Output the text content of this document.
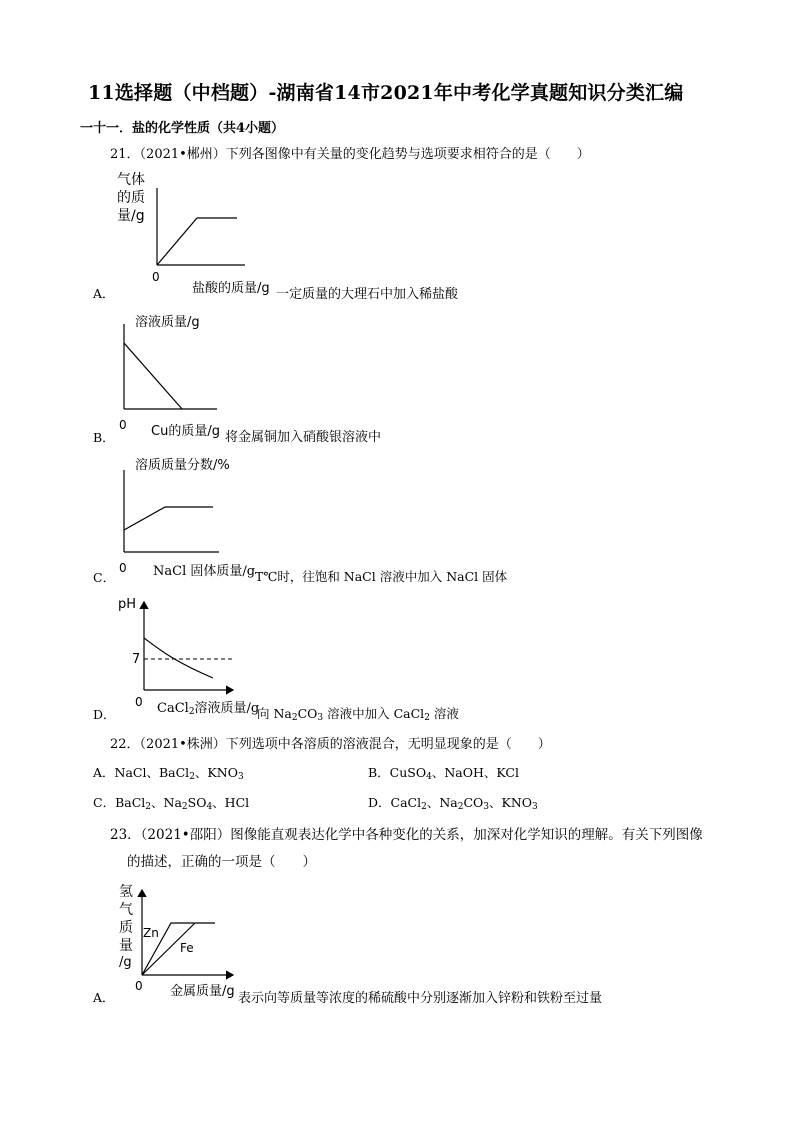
11选择题（中档题）-湖南省14市2021年中考化学真题知识分类汇编
一十一．盐的化学性质（共4小题）
21．（2021•郴州）下列各图像中有关量的变化趋势与选项要求相符合的是（　　）
气体
的质
量/g
0
A．	盐酸的质量/g 一定质量的大理石中加入稀盐酸
溶液质量/g
0
B．	Cu的质量/g 将金属铜加入硝酸银溶液中
溶质质量分数/%
0
C．	NaCl 固体质量/g T℃时，往饱和 NaCl 溶液中加入 NaCl 固体
pH
7
0
D．	CaCl$_2$溶液质量/g
向 $Na_2CO_3$ 溶液中加入 CaCl$_2$ 溶液
22．（2021•株洲）下列选项中各溶质的溶液混合，无明显现象的是（　　）
A．NaCl、BaCl$_2$、$KNO_3$	B．CuSO$_4$、NaOH、KCl
C．BaCl$_2$、$Na_2SO_4$、HCl	D．CaCl$_2$、$Na_2CO_3$、$KNO_3$
23．（2021•邵阳）图像能直观表达化学中各种变化的关系，加深对化学知识的理解。有关下列图像
的描述，正确的一项是（　　）
氢
气
质
量
/g
Zn
Fe
0
A．	金属质量/g 表示向等质量等浓度的稀硫酸中分别逐渐加入锌粉和铁粉至过量
